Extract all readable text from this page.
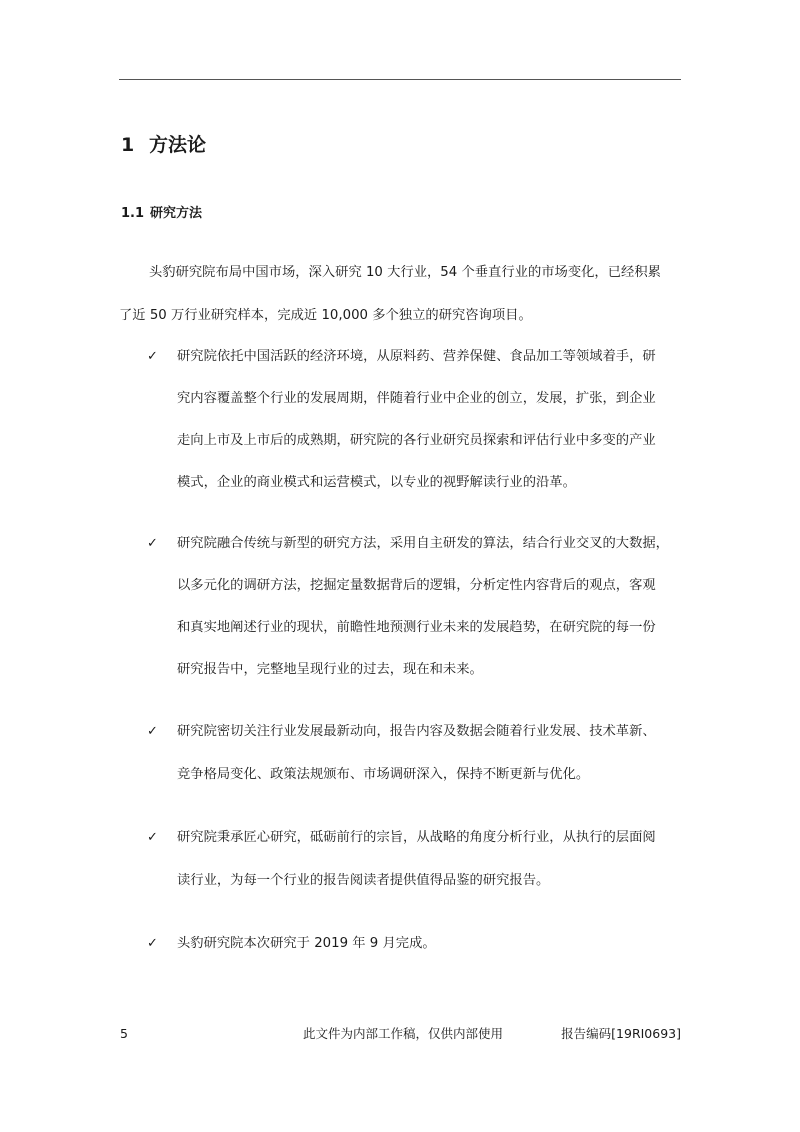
1 方法论
1.1 研究方法
头豹研究院布局中国市场，深入研究 10 大行业，54 个垂直行业的市场变化，已经积累
了近 50 万行业研究样本，完成近 10,000 多个独立的研究咨询项目。
✓ 研究院依托中国活跃的经济环境，从原料药、营养保健、食品加工等领域着手，研
究内容覆盖整个行业的发展周期，伴随着行业中企业的创立，发展，扩张，到企业
走向上市及上市后的成熟期，研究院的各行业研究员探索和评估行业中多变的产业
模式，企业的商业模式和运营模式，以专业的视野解读行业的沿革。
✓ 研究院融合传统与新型的研究方法，采用自主研发的算法，结合行业交叉的大数据，
以多元化的调研方法，挖掘定量数据背后的逻辑，分析定性内容背后的观点，客观
和真实地阐述行业的现状，前瞻性地预测行业未来的发展趋势，在研究院的每一份
研究报告中，完整地呈现行业的过去，现在和未来。
✓ 研究院密切关注行业发展最新动向，报告内容及数据会随着行业发展、技术革新、
竞争格局变化、政策法规颁布、市场调研深入，保持不断更新与优化。
✓ 研究院秉承匠心研究，砥砺前行的宗旨，从战略的角度分析行业，从执行的层面阅
读行业，为每一个行业的报告阅读者提供值得品鉴的研究报告。
✓ 头豹研究院本次研究于 2019 年 9 月完成。
5	此文件为内部工作稿，仅供内部使用	报告编码[19RI0693]
